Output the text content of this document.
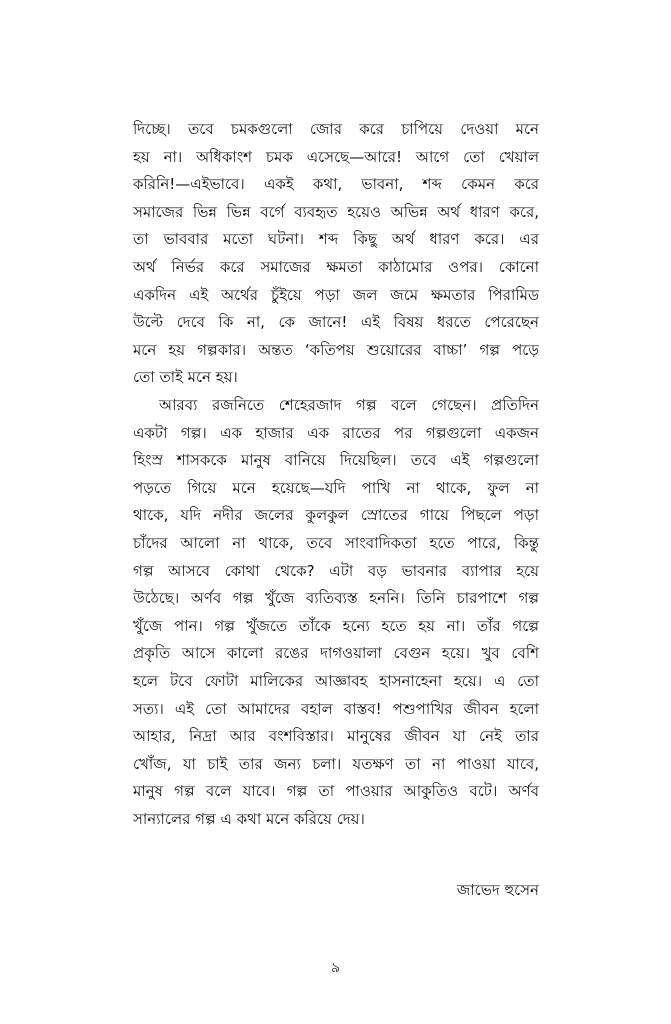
দিচ্ছে। তবে চমকগুলো জোর করে চাপিয়ে দেওয়া মনে
হয় না। অধিকাংশ চমক এসেছে—আরে! আগে তো খেয়াল
করিনি!—এইভাবে। একই কথা, ভাবনা, শব্দ কেমন করে
সমাজের ভিন্ন ভিন্ন বর্গে ব্যবহৃত হয়েও অভিন্ন অর্থ ধারণ করে,
তা ভাববার মতো ঘটনা। শব্দ কিছু অর্থ ধারণ করে। এর
অর্থ নির্ভর করে সমাজের ক্ষমতা কাঠামোর ওপর। কোনো
একদিন এই অর্থের চুঁইয়ে পড়া জল জমে ক্ষমতার পিরামিড
উল্টে দেবে কি না, কে জানে! এই বিষয় ধরতে পেরেছেন
মনে হয় গল্পকার। অন্তত ‘কতিপয় শুয়োরের বাচ্চা’ গল্প পড়ে
তো তাই মনে হয়।
আরব্য রজনিতে শেহেরজাদ গল্প বলে গেছেন। প্রতিদিন
একটা গল্প। এক হাজার এক রাতের পর গল্পগুলো একজন
হিংস্র শাসককে মানুষ বানিয়ে দিয়েছিল। তবে এই গল্পগুলো
পড়তে গিয়ে মনে হয়েছে—যদি পাখি না থাকে, ফুল না
থাকে, যদি নদীর জলের কুলকুল স্রোতের গায়ে পিছলে পড়া
চাঁদের আলো না থাকে, তবে সাংবাদিকতা হতে পারে, কিন্তু
গল্প আসবে কোথা থেকে? এটা বড় ভাবনার ব্যাপার হয়ে
উঠেছে। অর্ণব গল্প খুঁজে ব্যতিব্যস্ত হননি। তিনি চারপাশে গল্প
খুঁজে পান। গল্প খুঁজতে তাঁকে হন্যে হতে হয় না। তাঁর গল্পে
প্রকৃতি আসে কালো রঙের দাগওয়ালা বেগুন হয়ে। খুব বেশি
হলে টবে ফোটা মালিকের আজ্ঞাবহ হাসনাহেনা হয়ে। এ তো
সত্য। এই তো আমাদের বহাল বাস্তব! পশুপাখির জীবন হলো
আহার, নিদ্রা আর বংশবিস্তার। মানুষের জীবন যা নেই তার
খোঁজ, যা চাই তার জন্য চলা। যতক্ষণ তা না পাওয়া যাবে,
মানুষ গল্প বলে যাবে। গল্প তা পাওয়ার আকুতিও বটে। অর্ণব
সান্যালের গল্প এ কথা মনে করিয়ে দেয়।
জাভেদ হুসেন
৯
